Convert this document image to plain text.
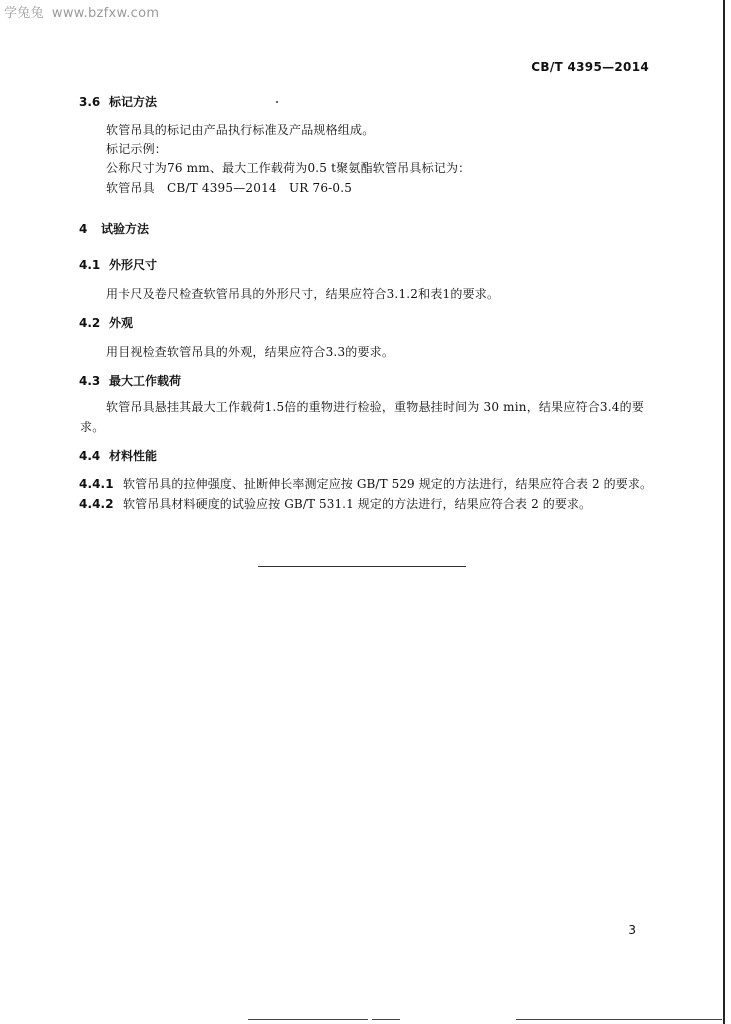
学兔兔 www.bzfxw.com
CB/T 4395—2014
3.6 标记方法
软管吊具的标记由产品执行标准及产品规格组成。
标记示例：
公称尺寸为76 mm、最大工作载荷为0.5 t聚氨酯软管吊具标记为：
软管吊具　CB/T 4395—2014　UR 76-0.5
4 试验方法
4.1 外形尺寸
用卡尺及卷尺检查软管吊具的外形尺寸，结果应符合3.1.2和表1的要求。
4.2 外观
用目视检查软管吊具的外观，结果应符合3.3的要求。
4.3 最大工作载荷
软管吊具悬挂其最大工作载荷1.5倍的重物进行检验，重物悬挂时间为 30 min，结果应符合3.4的要求。
4.4 材料性能
4.4.1 软管吊具的拉伸强度、扯断伸长率测定应按 GB/T 529 规定的方法进行，结果应符合表 2 的要求。
4.4.2 软管吊具材料硬度的试验应按 GB/T 531.1 规定的方法进行，结果应符合表 2 的要求。
3
